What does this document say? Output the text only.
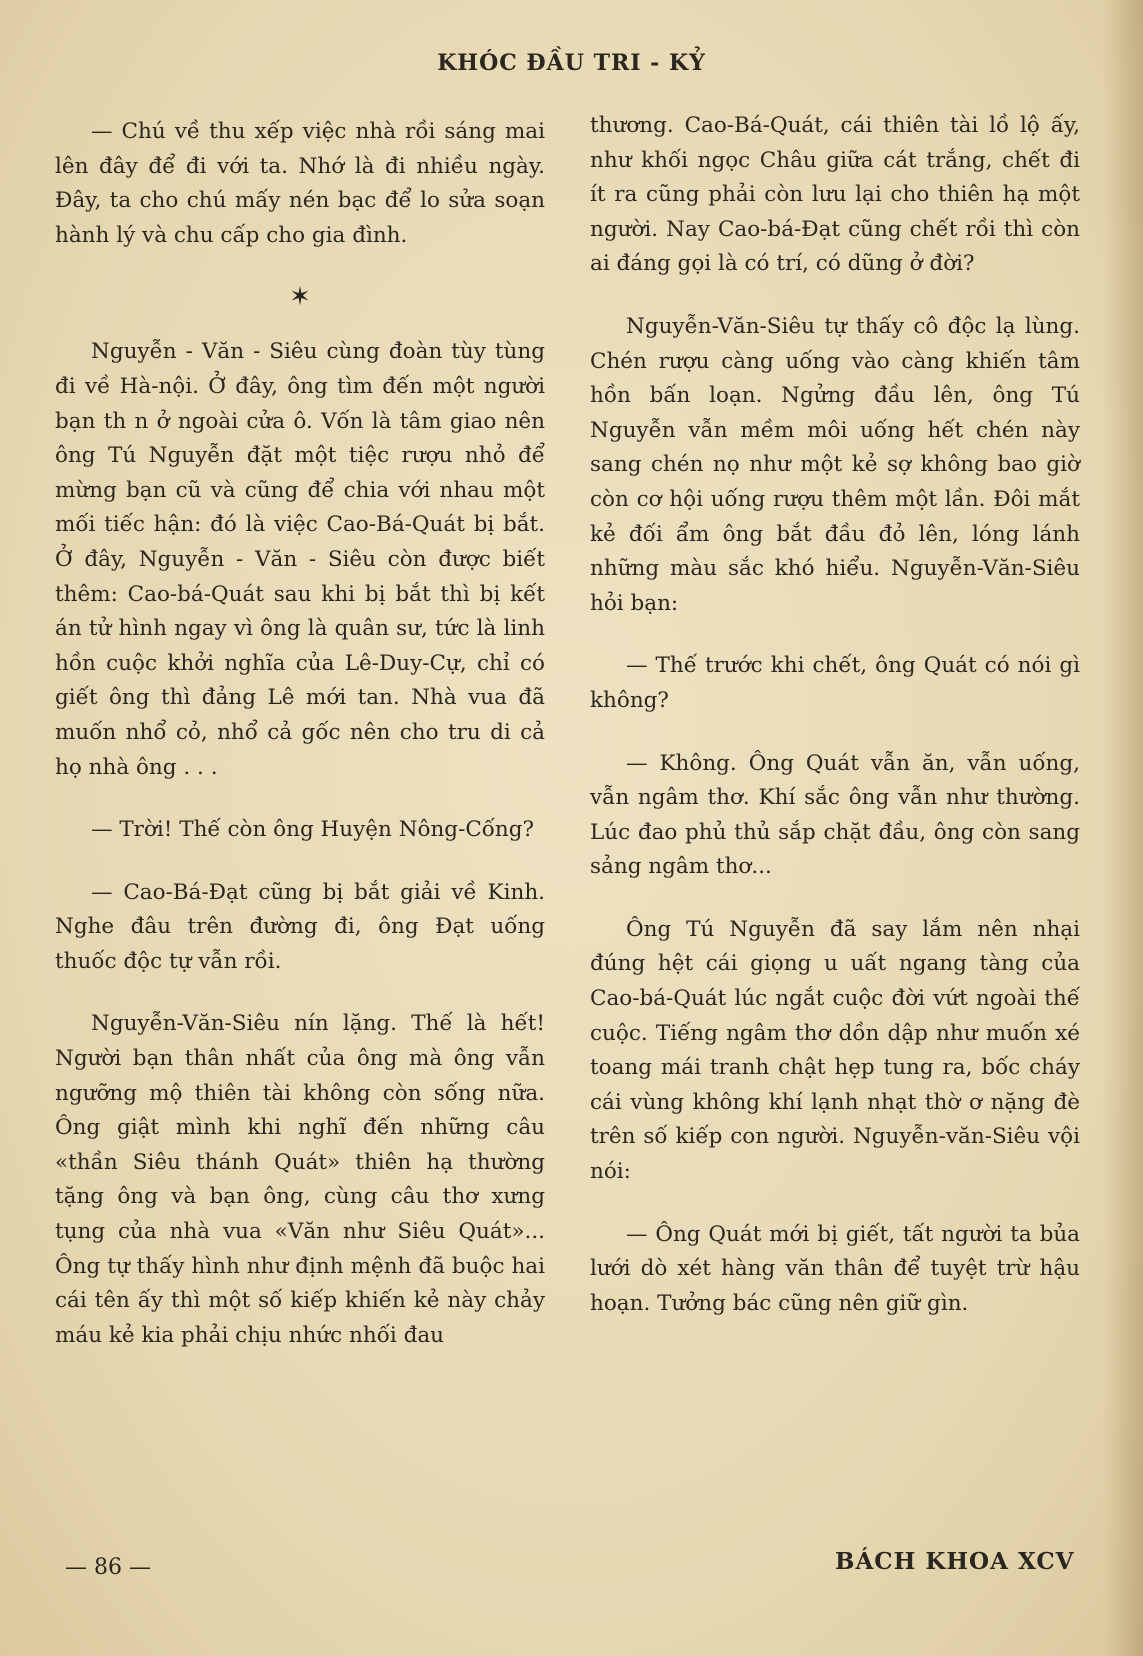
KHÓC ĐẦU TRI - KỶ

— Chú về thu xếp việc nhà rồi sáng mai lên đây để đi với ta. Nhớ là đi nhiều ngày. Đây, ta cho chú mấy nén bạc để lo sửa soạn hành lý và chu cấp cho gia đình.

✶

Nguyễn - Văn - Siêu cùng đoàn tùy tùng đi về Hà-nội. Ở đây, ông tìm đến một người bạn th n ở ngoài cửa ô. Vốn là tâm giao nên ông Tú Nguyễn đặt một tiệc rượu nhỏ để mừng bạn cũ và cũng để chia với nhau một mối tiếc hận: đó là việc Cao-Bá-Quát bị bắt. Ở đây, Nguyễn - Văn - Siêu còn được biết thêm: Cao-bá-Quát sau khi bị bắt thì bị kết án tử hình ngay vì ông là quân sư, tức là linh hồn cuộc khởi nghĩa của Lê-Duy-Cự, chỉ có giết ông thì đảng Lê mới tan. Nhà vua đã muốn nhổ cỏ, nhổ cả gốc nên cho tru di cả họ nhà ông . . .

— Trời! Thế còn ông Huyện Nông-Cống?

— Cao-Bá-Đạt cũng bị bắt giải về Kinh. Nghe đâu trên đường đi, ông Đạt uống thuốc độc tự vẫn rồi.

Nguyễn-Văn-Siêu nín lặng. Thế là hết! Người bạn thân nhất của ông mà ông vẫn ngưỡng mộ thiên tài không còn sống nữa. Ông giật mình khi nghĩ đến những câu «thần Siêu thánh Quát» thiên hạ thường tặng ông và bạn ông, cùng câu thơ xưng tụng của nhà vua «Văn như Siêu Quát»... Ông tự thấy hình như định mệnh đã buộc hai cái tên ấy thì một số kiếp khiến kẻ này chảy máu kẻ kia phải chịu nhức nhối đau

thương. Cao-Bá-Quát, cái thiên tài lồ lộ ấy, như khối ngọc Châu giữa cát trắng, chết đi ít ra cũng phải còn lưu lại cho thiên hạ một người. Nay Cao-bá-Đạt cũng chết rồi thì còn ai đáng gọi là có trí, có dũng ở đời?

Nguyễn-Văn-Siêu tự thấy cô độc lạ lùng. Chén rượu càng uống vào càng khiến tâm hồn bấn loạn. Ngửng đầu lên, ông Tú Nguyễn vẫn mềm môi uống hết chén này sang chén nọ như một kẻ sợ không bao giờ còn cơ hội uống rượu thêm một lần. Đôi mắt kẻ đối ẩm ông bắt đầu đỏ lên, lóng lánh những màu sắc khó hiểu. Nguyễn-Văn-Siêu hỏi bạn:

— Thế trước khi chết, ông Quát có nói gì không?

— Không. Ông Quát vẫn ăn, vẫn uống, vẫn ngâm thơ. Khí sắc ông vẫn như thường. Lúc đao phủ thủ sắp chặt đầu, ông còn sang sảng ngâm thơ...

Ông Tú Nguyễn đã say lắm nên nhại đúng hệt cái giọng u uất ngang tàng của Cao-bá-Quát lúc ngắt cuộc đời vứt ngoài thế cuộc. Tiếng ngâm thơ dồn dập như muốn xé toang mái tranh chật hẹp tung ra, bốc cháy cái vùng không khí lạnh nhạt thờ ơ nặng đè trên số kiếp con người. Nguyễn-văn-Siêu vội nói:

— Ông Quát mới bị giết, tất người ta bủa lưới dò xét hàng văn thân để tuyệt trừ hậu hoạn. Tưởng bác cũng nên giữ gìn.

— 86 —	BÁCH KHOA XCV
